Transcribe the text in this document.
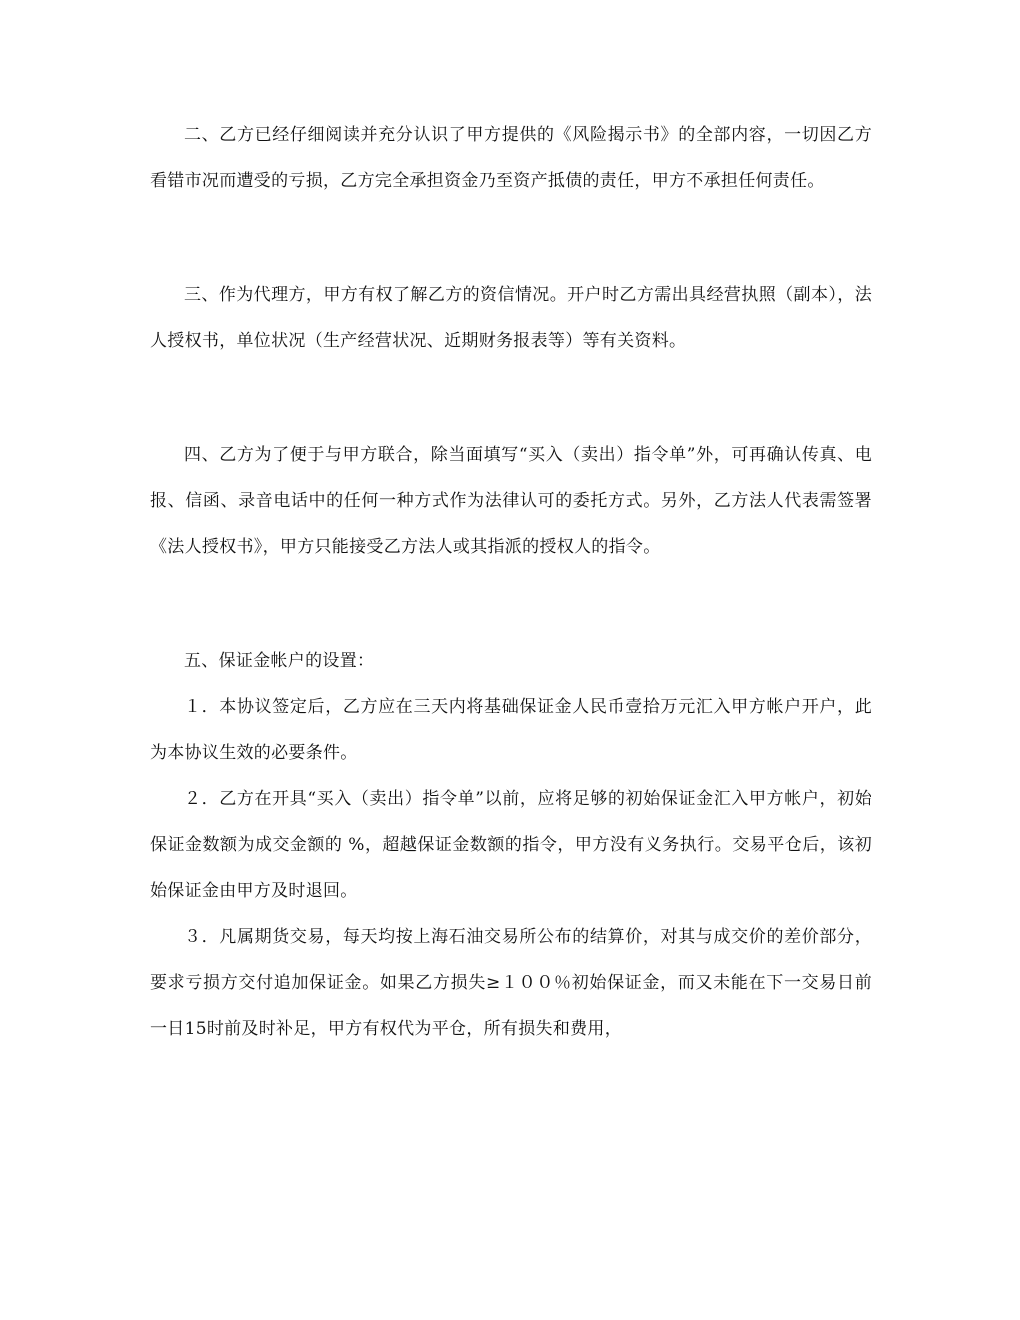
二、乙方已经仔细阅读并充分认识了甲方提供的《风险揭示书》的全部内容，一切因乙方看错市况而遭受的亏损，乙方完全承担资金乃至资产抵债的责任，甲方不承担任何责任。

三、作为代理方，甲方有权了解乙方的资信情况。开户时乙方需出具经营执照（副本），法人授权书，单位状况（生产经营状况、近期财务报表等）等有关资料。

四、乙方为了便于与甲方联合，除当面填写“买入（卖出）指令单”外，可再确认传真、电报、信函、录音电话中的任何一种方式作为法律认可的委托方式。另外，乙方法人代表需签署《法人授权书》，甲方只能接受乙方法人或其指派的授权人的指令。

五、保证金帐户的设置：

１．本协议签定后，乙方应在三天内将基础保证金人民币壹拾万元汇入甲方帐户开户，此为本协议生效的必要条件。

２．乙方在开具“买入（卖出）指令单”以前，应将足够的初始保证金汇入甲方帐户，初始保证金数额为成交金额的 %，超越保证金数额的指令，甲方没有义务执行。交易平仓后，该初始保证金由甲方及时退回。

３．凡属期货交易，每天均按上海石油交易所公布的结算价，对其与成交价的差价部分，要求亏损方交付追加保证金。如果乙方损失≥１００％初始保证金，而又未能在下一交易日前一日15时前及时补足，甲方有权代为平仓，所有损失和费用，
